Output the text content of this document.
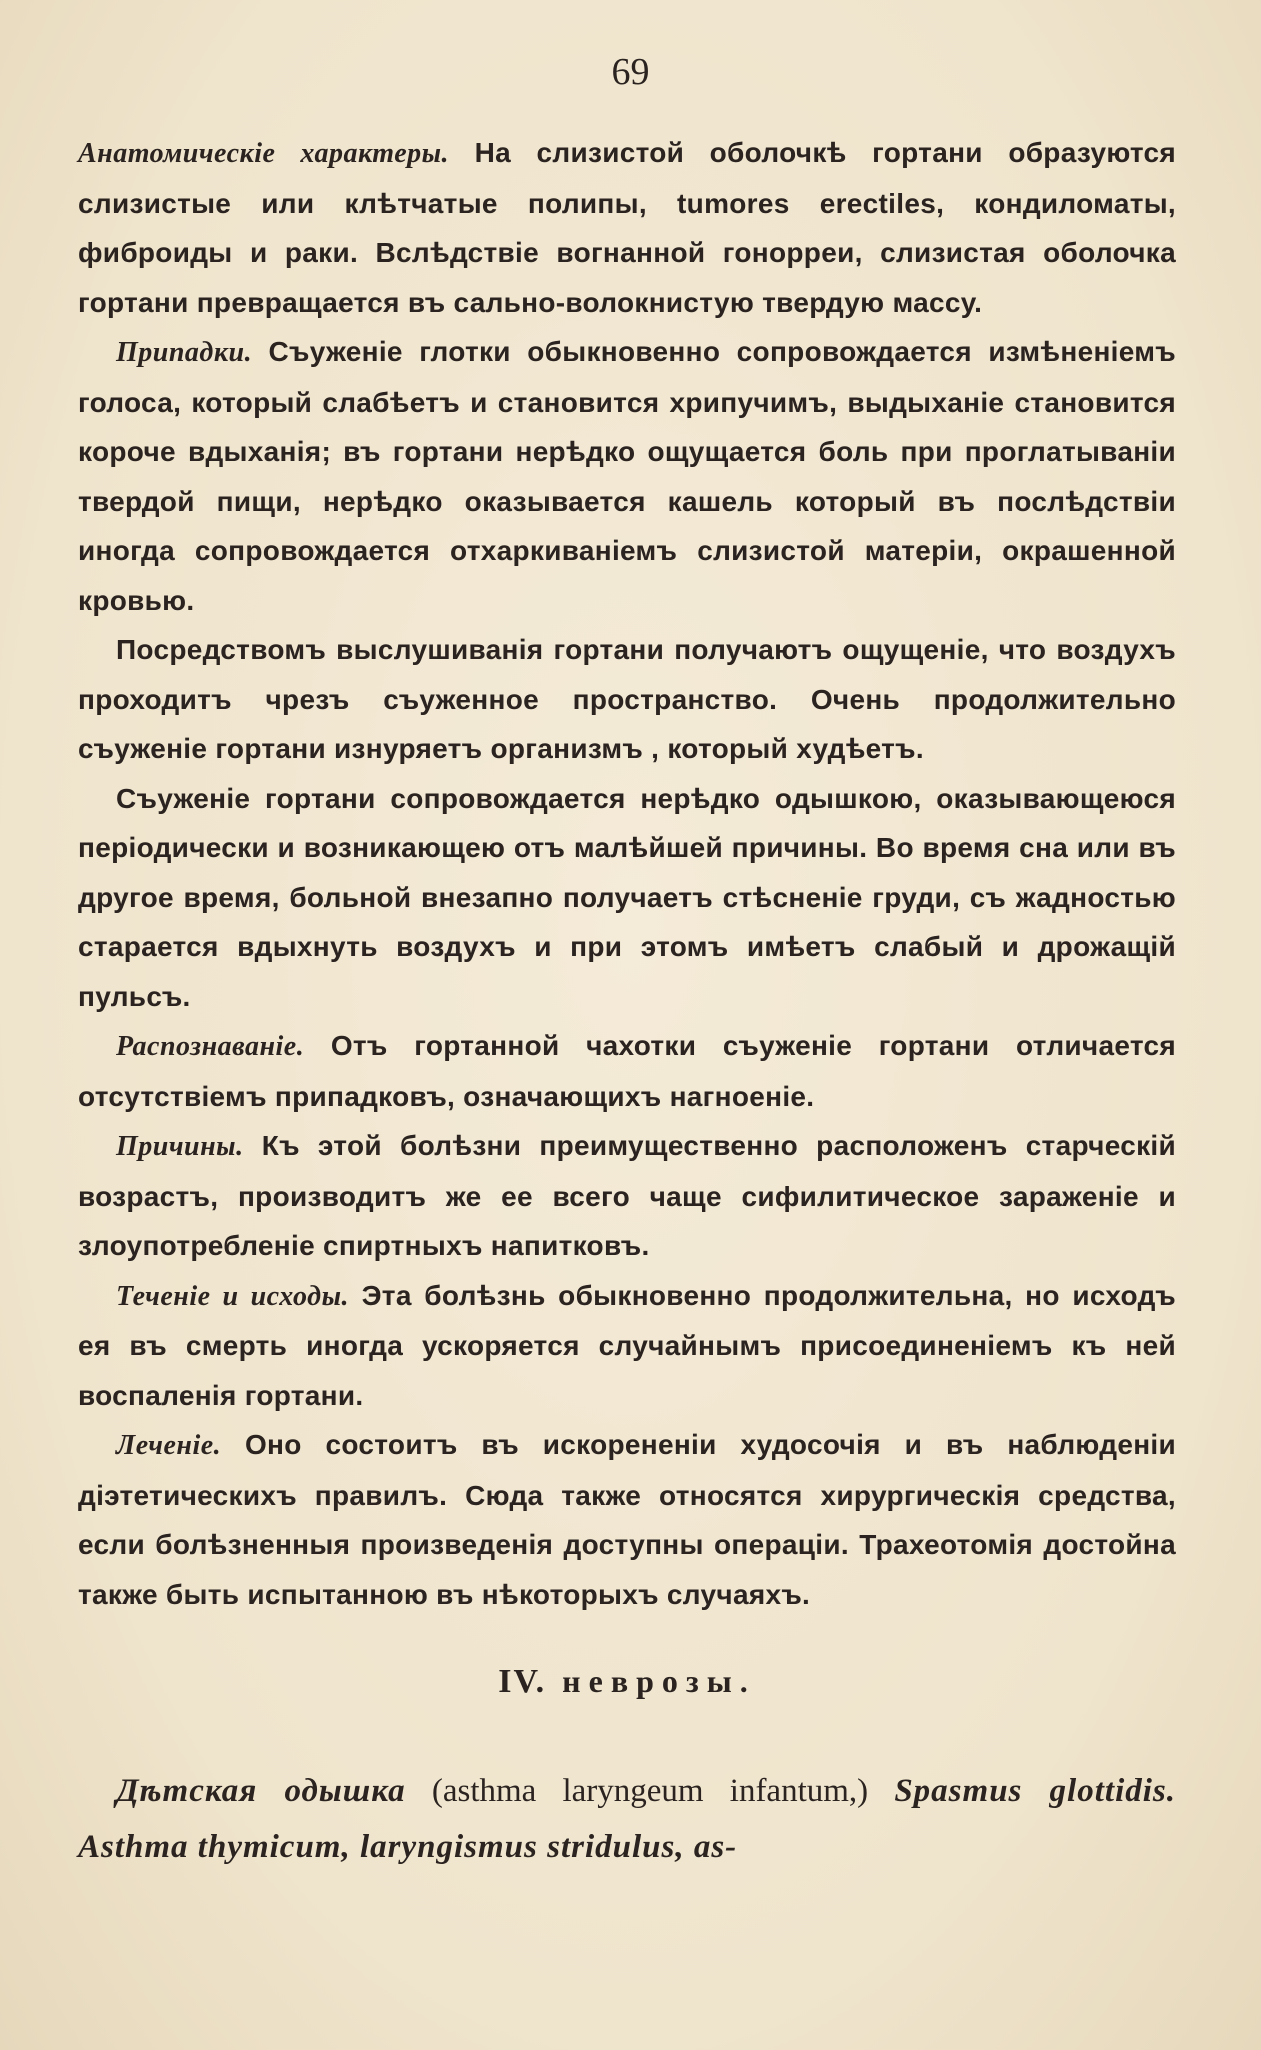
69

Анатомическіе характеры. На слизистой оболочкѣ гортани образуются слизистые или клѣтчатые полипы, tumores erectiles, кондиломаты, фиброиды и раки. Вслѣдствіе вогнанной гонорреи, слизистая оболочка гортани превращается въ сально-волокнистую твердую массу.

Припадки. Съуженіе глотки обыкновенно сопровождается измѣненіемъ голоса, который слабѣетъ и становится хрипучимъ, выдыханіе становится короче вдыханія; въ гортани нерѣдко ощущается боль при проглатываніи твердой пищи, нерѣдко оказывается кашель который въ послѣдствіи иногда сопровождается отхаркиваніемъ слизистой матеріи, окрашенной кровью.

Посредствомъ выслушиванія гортани получаютъ ощущеніе, что воздухъ проходитъ чрезъ съуженное пространство. Очень продолжительно съуженіе гортани изнуряетъ организмъ , который худѣетъ.

Съуженіе гортани сопровождается нерѣдко одышкою, оказывающеюся періодически и возникающею отъ малѣйшей причины. Во время сна или въ другое время, больной внезапно получаетъ стѣсненіе груди, съ жадностью старается вдыхнуть воздухъ и при этомъ имѣетъ слабый и дрожащій пульсъ.

Распознаваніе. Отъ гортанной чахотки съуженіе гортани отличается отсутствіемъ припадковъ, означающихъ нагноеніе.

Причины. Къ этой болѣзни преимущественно расположенъ старческій возрастъ, производитъ же ее всего чаще сифилитическое зараженіе и злоупотребленіе спиртныхъ напитковъ.

Теченіе и исходы. Эта болѣзнь обыкновенно продолжительна, но исходъ ея въ смерть иногда ускоряется случайнымъ присоединеніемъ къ ней воспаленія гортани.

Леченіе. Оно состоитъ въ искорененіи худосочія и въ наблюденіи діэтетическихъ правилъ. Сюда также относятся хирургическія средства, если болѣзненныя произведенія доступны операціи. Трахеотомія достойна также быть испытанною въ нѣкоторыхъ случаяхъ.

IV. неврозы.

Дѣтская одышка (asthma laryngeum infantum,) Spasmus glottidis. Asthma thymicum, laryngismus stridulus, as-
